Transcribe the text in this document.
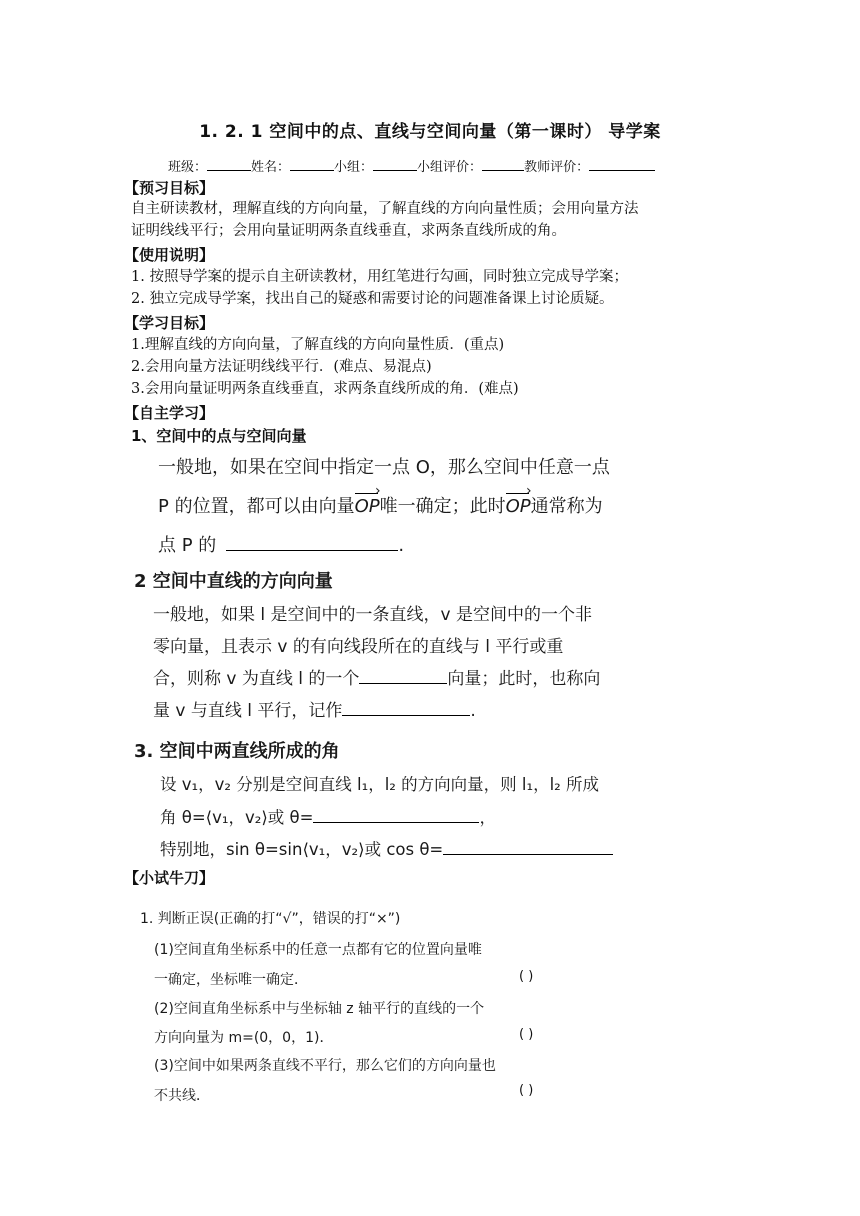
1. 2. 1 空间中的点、直线与空间向量（第一课时） 导学案
班级：	姓名：	小组：	小组评价：	教师评价：
【预习目标】
自主研读教材，理解直线的方向向量，了解直线的方向向量性质；会用向量方法
证明线线平行；会用向量证明两条直线垂直，求两条直线所成的角。
【使用说明】
1. 按照导学案的提示自主研读教材，用红笔进行勾画，同时独立完成导学案；
2. 独立完成导学案，找出自己的疑惑和需要讨论的问题准备课上讨论质疑。
【学习目标】
1.理解直线的方向向量，了解直线的方向向量性质．(重点)
2.会用向量方法证明线线平行．(难点、易混点)
3.会用向量证明两条直线垂直，求两条直线所成的角．(难点)
【自主学习】
1、空间中的点与空间向量
一般地，如果在空间中指定一点 O，那么空间中任意一点
P 的位置，都可以由向量OP ›唯一确定；此时OP ›通常称为
点 P 的	.
2 空间中直线的方向向量
一般地，如果 l 是空间中的一条直线，v 是空间中的一个非
零向量，且表示 v 的有向线段所在的直线与 l 平行或重
合，则称 v 为直线 l 的一个	向量；此时，也称向
量 v 与直线 l 平行，记作	.
3. 空间中两直线所成的角
设 v₁，v₂ 分别是空间直线 l₁，l₂ 的方向向量，则 l₁，l₂ 所成
角 θ=⟨v₁，v₂⟩或 θ=	，
特别地，sin θ=sin⟨v₁，v₂⟩或 cos θ=
【小试牛刀】
1. 判断正误(正确的打“√”，错误的打“×”)
(1)空间直角坐标系中的任意一点都有它的位置向量唯
一确定，坐标唯一确定．	( )
(2)空间直角坐标系中与坐标轴 z 轴平行的直线的一个
方向向量为 m=(0，0，1)．	( )
(3)空间中如果两条直线不平行，那么它们的方向向量也
不共线．	( )
